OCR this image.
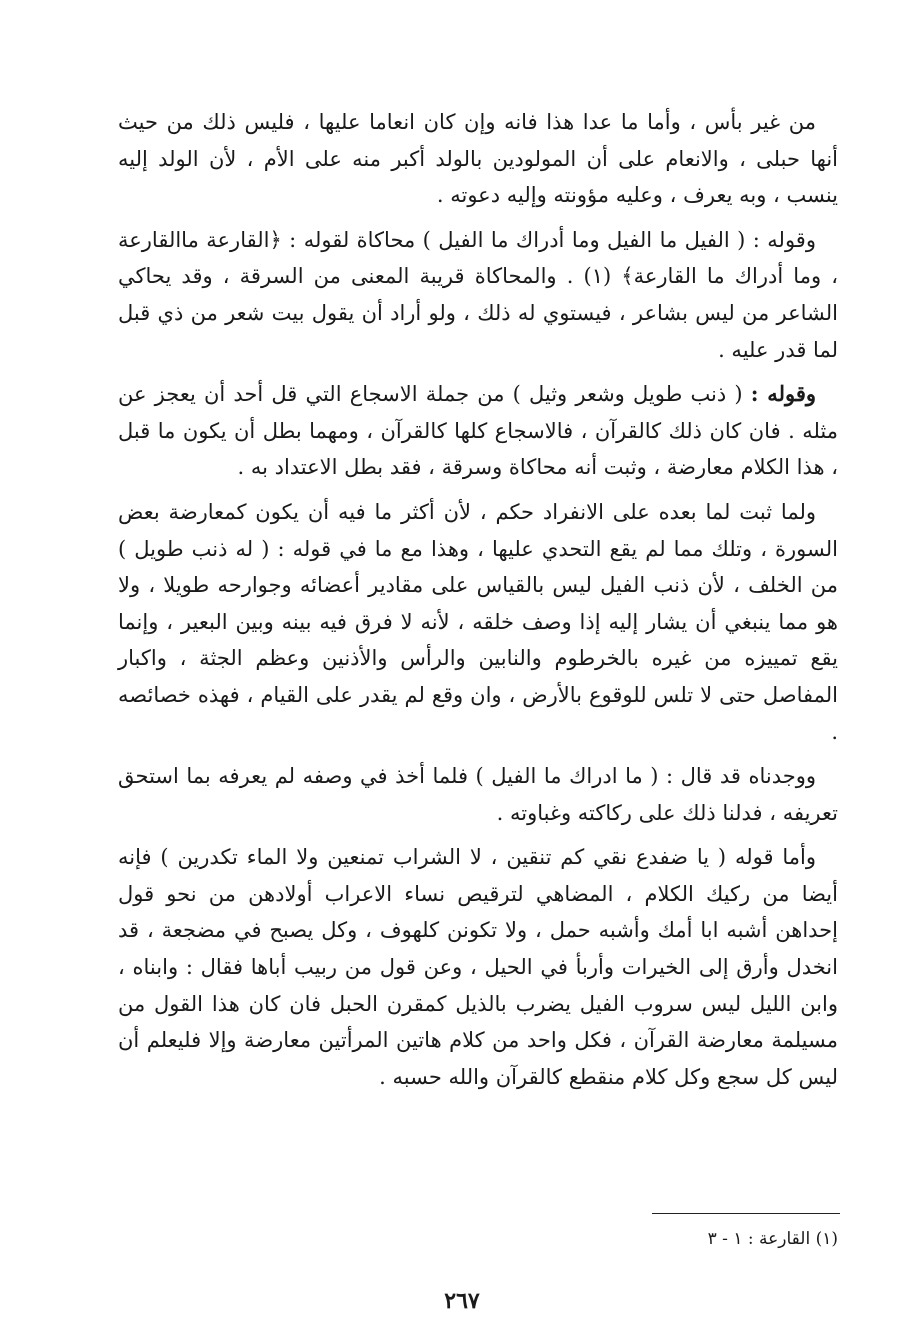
من غير بأس ، وأما ما عدا هذا فانه وإن كان انعاما عليها ، فليس ذلك من حيث أنها حبلى ، والانعام على أن المولودين بالولد أكبر منه على الأم ، لأن الولد إليه ينسب ، وبه يعرف ، وعليه مؤونته وإليه دعوته .

وقوله : ( الفيل ما الفيل وما أدراك ما الفيل ) محاكاة لقوله : ﴿القارعة ماالقارعة ، وما أدراك ما القارعة﴾ (١) . والمحاكاة قريبة المعنى من السرقة ، وقد يحاكي الشاعر من ليس بشاعر ، فيستوي له ذلك ، ولو أراد أن يقول بيت شعر من ذي قبل لما قدر عليه .

وقوله : ( ذنب طويل وشعر وثيل ) من جملة الاسجاع التي قل أحد أن يعجز عن مثله . فان كان ذلك كالقرآن ، فالاسجاع كلها كالقرآن ، ومهما بطل أن يكون ما قبل ، هذا الكلام معارضة ، وثبت أنه محاكاة وسرقة ، فقد بطل الاعتداد به .

ولما ثبت لما بعده على الانفراد حكم ، لأن أكثر ما فيه أن يكون كمعارضة بعض السورة ، وتلك مما لم يقع التحدي عليها ، وهذا مع ما في قوله : ( له ذنب طويل ) من الخلف ، لأن ذنب الفيل ليس بالقياس على مقادير أعضائه وجوارحه طويلا ، ولا هو مما ينبغي أن يشار إليه إذا وصف خلقه ، لأنه لا فرق فيه بينه وبين البعير ، وإنما يقع تمييزه من غيره بالخرطوم والنابين والرأس والأذنين وعظم الجثة ، واكبار المفاصل حتى لا تلس للوقوع بالأرض ، وان وقع لم يقدر على القيام ، فهذه خصائصه .

ووجدناه قد قال : ( ما ادراك ما الفيل ) فلما أخذ في وصفه لم يعرفه بما استحق تعريفه ، فدلنا ذلك على ركاكته وغباوته .

وأما قوله ( يا ضفدع نقي كم تنقين ، لا الشراب تمنعين ولا الماء تكدرين ) فإنه أيضا من ركيك الكلام ، المضاهي لترقيص نساء الاعراب أولادهن من نحو قول إحداهن أشبه ابا أمك وأشبه حمل ، ولا تكونن كلهوف ، وكل يصبح في مضجعة ، قد انخدل وأرق إلى الخيرات وأربأ في الحيل ، وعن قول من ربيب أباها فقال : وابناه ، وابن الليل ليس سروب الفيل يضرب بالذيل كمقرن الحبل فان كان هذا القول من مسيلمة معارضة القرآن ، فكل واحد من كلام هاتين المرأتين معارضة وإلا فليعلم أن ليس كل سجع وكل كلام منقطع كالقرآن والله حسبه .

(١) القارعة : ١ - ٣
٢٦٧
